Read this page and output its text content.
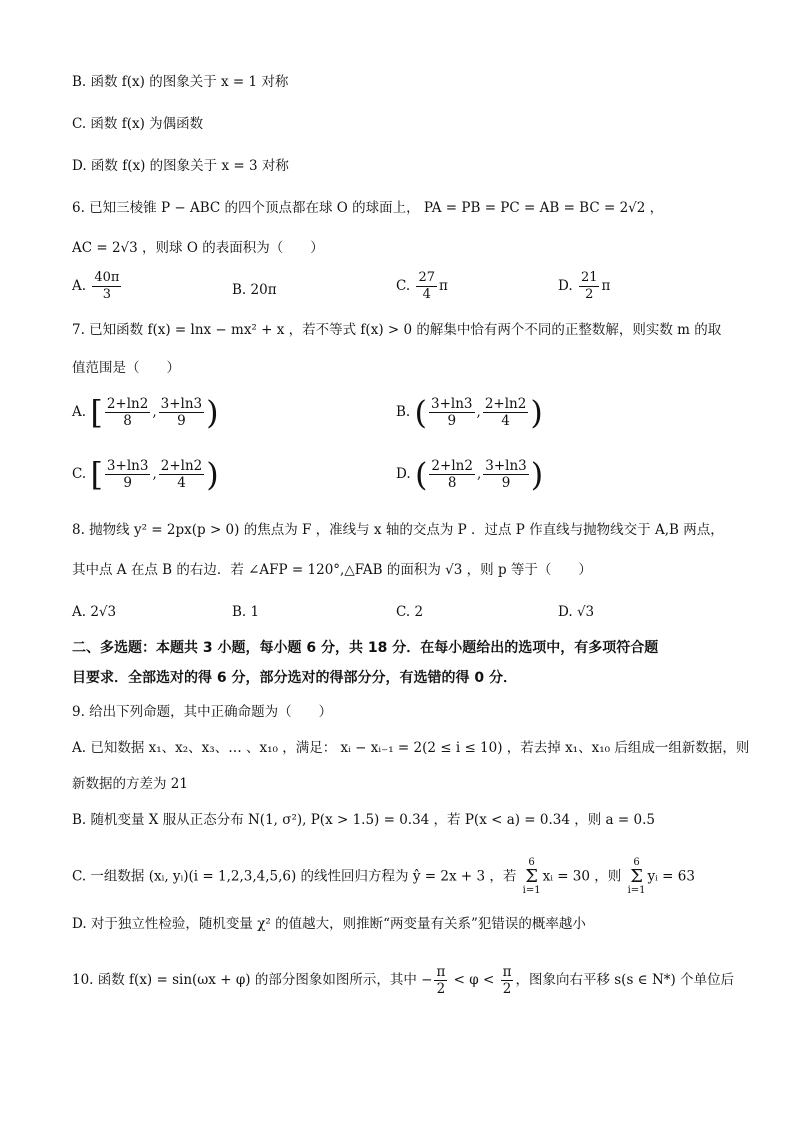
B. 函数 f(x) 的图象关于 x = 1 对称
C. 函数 f(x) 为偶函数
D. 函数 f(x) 的图象关于 x = 3 对称
6. 已知三棱锥 P − ABC 的四个顶点都在球 O 的球面上， PA = PB = PC = AB = BC = 2√2 ，
AC = 2√3 ，则球 O 的表面积为（　　）
A. $\frac{40\pi}{3}$	B. 20π	C. $\frac{27}{4}$ π	D. $\frac{21}{2}$ π
7. 已知函数 f(x) = lnx − mx² + x ，若不等式 f(x) > 0 的解集中恰有两个不同的正整数解，则实数 m 的取
值范围是（　　）
A. [ $\frac{2+\ln 2}{8}$ , $\frac{3+\ln 3}{9}$ )	B. ( $\frac{3+\ln 3}{9}$ , $\frac{2+\ln 2}{4}$ )
C. [ $\frac{3+\ln 3}{9}$ , $\frac{2+\ln 2}{4}$ )	D. ( $\frac{2+\ln 2}{8}$ , $\frac{3+\ln 3}{9}$ )
8. 抛物线 y² = 2px(p > 0) 的焦点为 F ，准线与 x 轴的交点为 P ．过点 P 作直线与抛物线交于 A,B 两点，
其中点 A 在点 B 的右边．若 ∠AFP = 120°,△FAB 的面积为 √3 ，则 p 等于（　　）
A. 2√3	B. 1	C. 2	D. √3
二、多选题：本题共 3 小题，每小题 6 分，共 18 分．在每小题给出的选项中，有多项符合题
目要求．全部选对的得 6 分，部分选对的得部分分，有选错的得 0 分．
9. 给出下列命题，其中正确命题为（　　）
A. 已知数据 x₁、x₂、x₃、… 、x₁₀ ，满足： xᵢ − xᵢ₋₁ = 2(2 ≤ i ≤ 10) ，若去掉 x₁、x₁₀ 后组成一组新数据，则
新数据的方差为 21
B. 随机变量 X 服从正态分布 N(1, σ²), P(x > 1.5) = 0.34 ，若 P(x < a) = 0.34 ，则 a = 0.5
C. 一组数据 (xᵢ, yᵢ)(i = 1,2,3,4,5,6) 的线性回归方程为 ŷ = 2x + 3 ，若 6
Σ
i=1xᵢ = 30 ，则 6
Σ
i=1yᵢ = 63
D. 对于独立性检验，随机变量 χ² 的值越大，则推断“两变量有关系”犯错误的概率越小
10. 函数 f(x) = sin(ωx + φ) 的部分图象如图所示，其中 − $\frac{\pi}{2} < \varphi < \frac{\pi}{2}$ ，图象向右平移 s(s ∈ N*) 个单位后
